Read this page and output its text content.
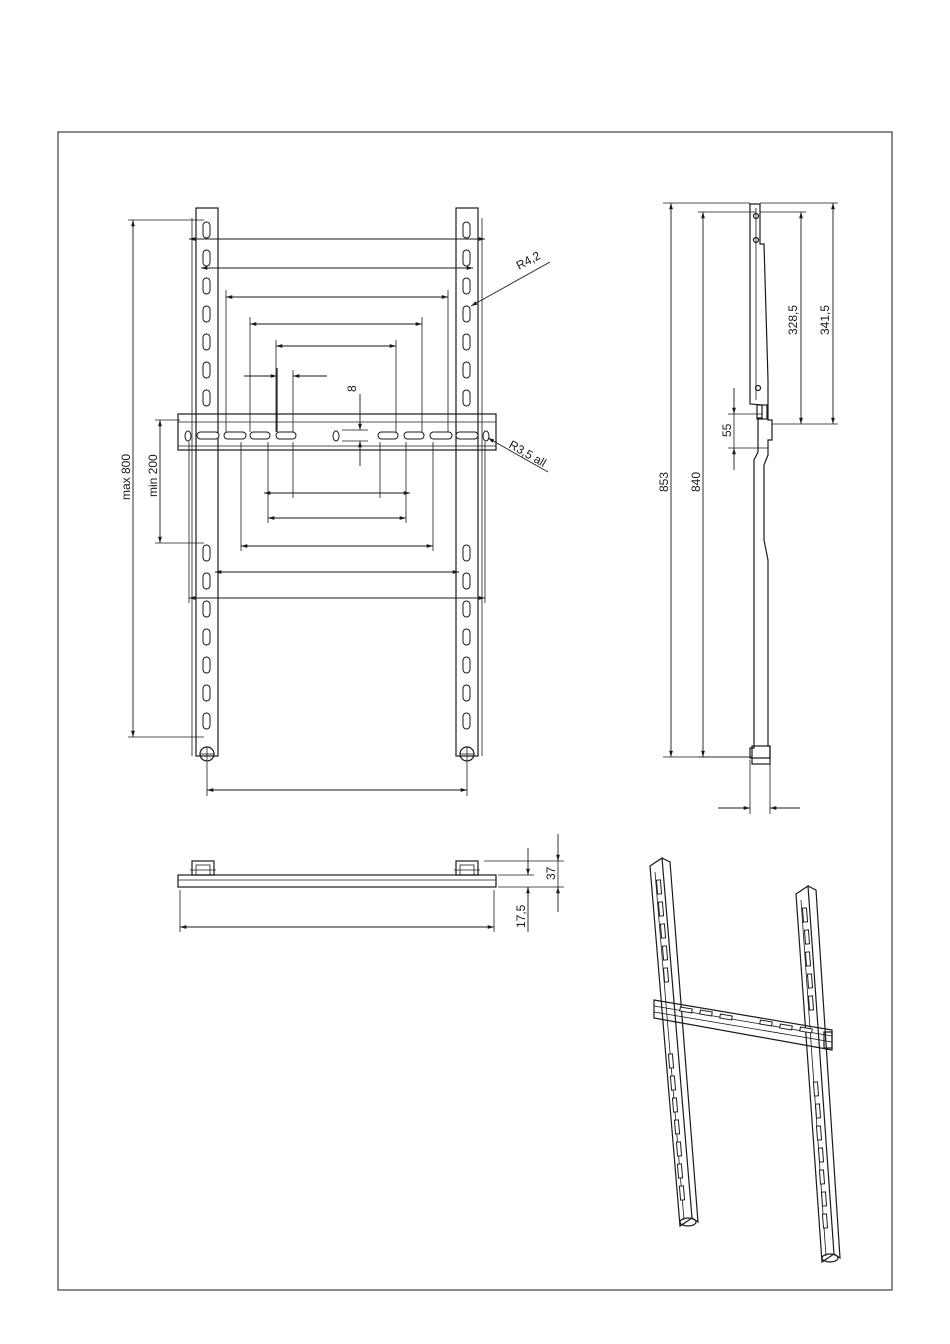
8
max 800 min 200
R4,2
R3,5 all
853 840
328,5 341,5
55
37
17,5
